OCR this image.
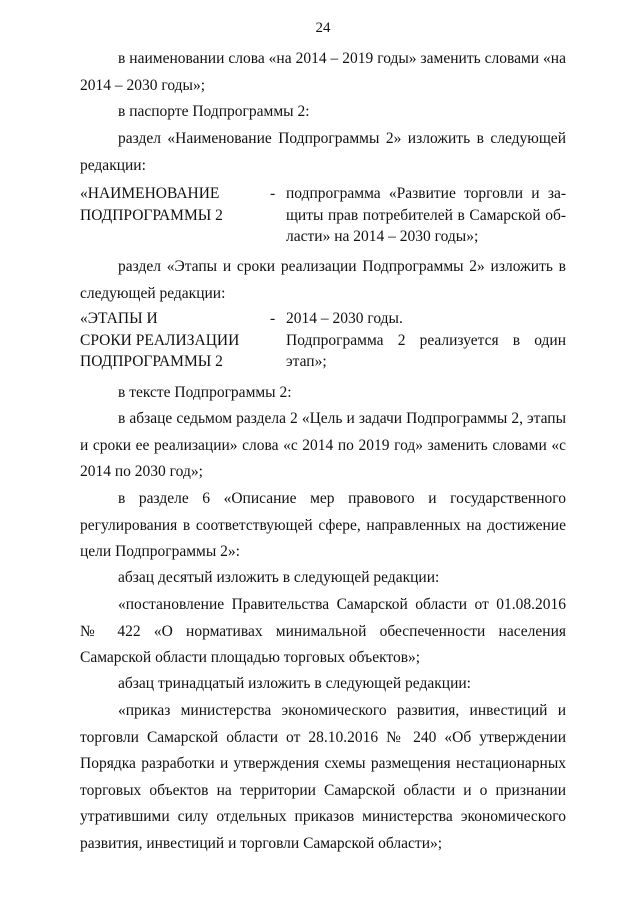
24

в наименовании слова «на 2014 – 2019 годы» заменить словами «на 2014 – 2030 годы»;

в паспорте Подпрограммы 2:

раздел «Наименование Подпрограммы 2» изложить в следующей редакции:

«НАИМЕНОВАНИЕ
ПОДПРОГРАММЫ 2
- подпрограмма «Развитие торговли и за-
щиты прав потребителей в Самарской об-
ласти» на 2014 – 2030 годы»;

раздел «Этапы и сроки реализации Подпрограммы 2» изложить в следующей редакции:

«ЭТАПЫ И
СРОКИ РЕАЛИЗАЦИИ
ПОДПРОГРАММЫ 2
- 2014 – 2030 годы.
Подпрограмма 2 реализуется в один
этап»;

в тексте Подпрограммы 2:

в абзаце седьмом раздела 2 «Цель и задачи Подпрограммы 2, этапы и сроки ее реализации» слова «с 2014 по 2019 год» заменить словами «с 2014 по 2030 год»;

в разделе 6 «Описание мер правового и государственного регулирования в соответствующей сфере, направленных на достижение цели Подпрограммы 2»:

абзац десятый изложить в следующей редакции:

«постановление Правительства Самарской области от 01.08.2016 № 422 «О нормативах минимальной обеспеченности населения Самарской области площадью торговых объектов»;

абзац тринадцатый изложить в следующей редакции:

«приказ министерства экономического развития, инвестиций и торговли Самарской области от 28.10.2016 № 240 «Об утверждении Порядка разработки и утверждения схемы размещения нестационарных торговых объектов на территории Самарской области и о признании утратившими силу отдельных приказов министерства экономического развития, инвестиций и торговли Самарской области»;
